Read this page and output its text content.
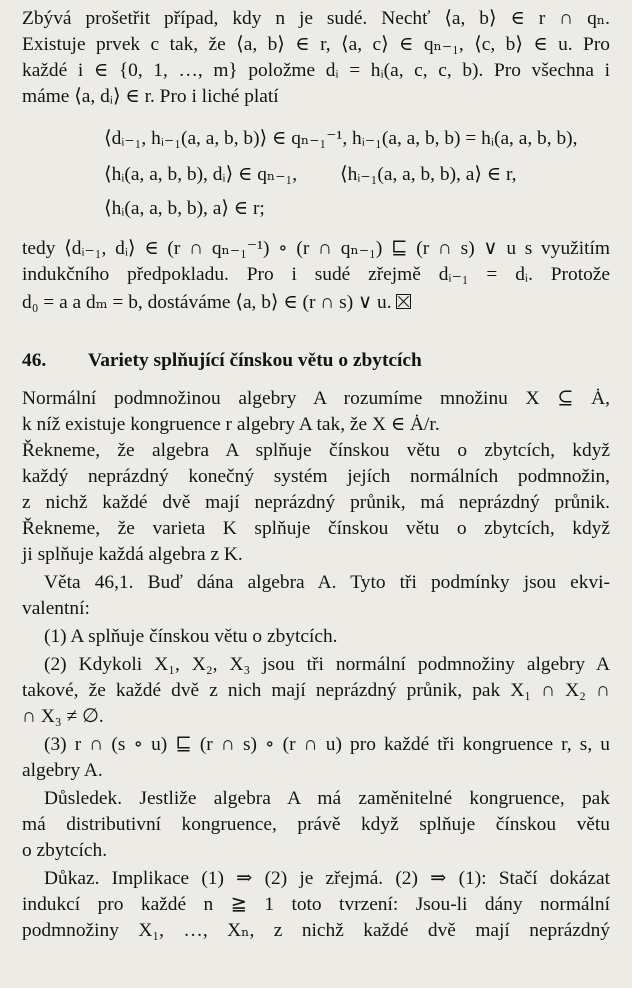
Zbývá prošetřit případ, kdy n je sudé. Nechť ⟨a, b⟩ ∈ r ∩ qₙ.
Existuje prvek c tak, že ⟨a, b⟩ ∈ r, ⟨a, c⟩ ∈ qₙ₋₁, ⟨c, b⟩ ∈ u. Pro
každé i ∈ {0, 1, …, m} položme dᵢ = hᵢ(a, c, c, b). Pro všechna i
máme ⟨a, dᵢ⟩ ∈ r. Pro i liché platí
⟨dᵢ₋₁, hᵢ₋₁(a, a, b, b)⟩ ∈ qₙ₋₁⁻¹, hᵢ₋₁(a, a, b, b) = hᵢ(a, a, b, b),
⟨hᵢ(a, a, b, b), dᵢ⟩ ∈ qₙ₋₁, ⟨hᵢ₋₁(a, a, b, b), a⟩ ∈ r,
⟨hᵢ(a, a, b, b), a⟩ ∈ r;
tedy ⟨dᵢ₋₁, dᵢ⟩ ∈ (r ∩ qₙ₋₁⁻¹) ∘ (r ∩ qₙ₋₁) ⊑ (r ∩ s) ∨ u s využitím
indukčního předpokladu. Pro i sudé zřejmě dᵢ₋₁ = dᵢ. Protože
d₀ = a a dₘ = b, dostáváme ⟨a, b⟩ ∈ (r ∩ s) ∨ u.
46. Variety splňující čínskou větu o zbytcích
Normální podmnožinou algebry A rozumíme množinu X ⊆ Ȧ,
k níž existuje kongruence r algebry A tak, že X ∈ Ȧ/r.
Řekneme, že algebra A splňuje čínskou větu o zbytcích, když
každý neprázdný konečný systém jejích normálních podmnožin,
z nichž každé dvě mají neprázdný průnik, má neprázdný průnik.
Řekneme, že varieta K splňuje čínskou větu o zbytcích, když
ji splňuje každá algebra z K.
Věta 46,1. Buď dána algebra A. Tyto tři podmínky jsou ekvi-
valentní:
(1) A splňuje čínskou větu o zbytcích.
(2) Kdykoli X₁, X₂, X₃ jsou tři normální podmnožiny algebry A
takové, že každé dvě z nich mají neprázdný průnik, pak X₁ ∩ X₂ ∩
∩ X₃ ≠ ∅.
(3) r ∩ (s ∘ u) ⊑ (r ∩ s) ∘ (r ∩ u) pro každé tři kongruence r, s, u
algebry A.
Důsledek. Jestliže algebra A má zaměnitelné kongruence, pak
má distributivní kongruence, právě když splňuje čínskou větu
o zbytcích.
Důkaz. Implikace (1) ⇒ (2) je zřejmá. (2) ⇒ (1): Stačí dokázat
indukcí pro každé n ≧ 1 toto tvrzení: Jsou-li dány normální
podmnožiny X₁, …, Xₙ, z nichž každé dvě mají neprázdný
